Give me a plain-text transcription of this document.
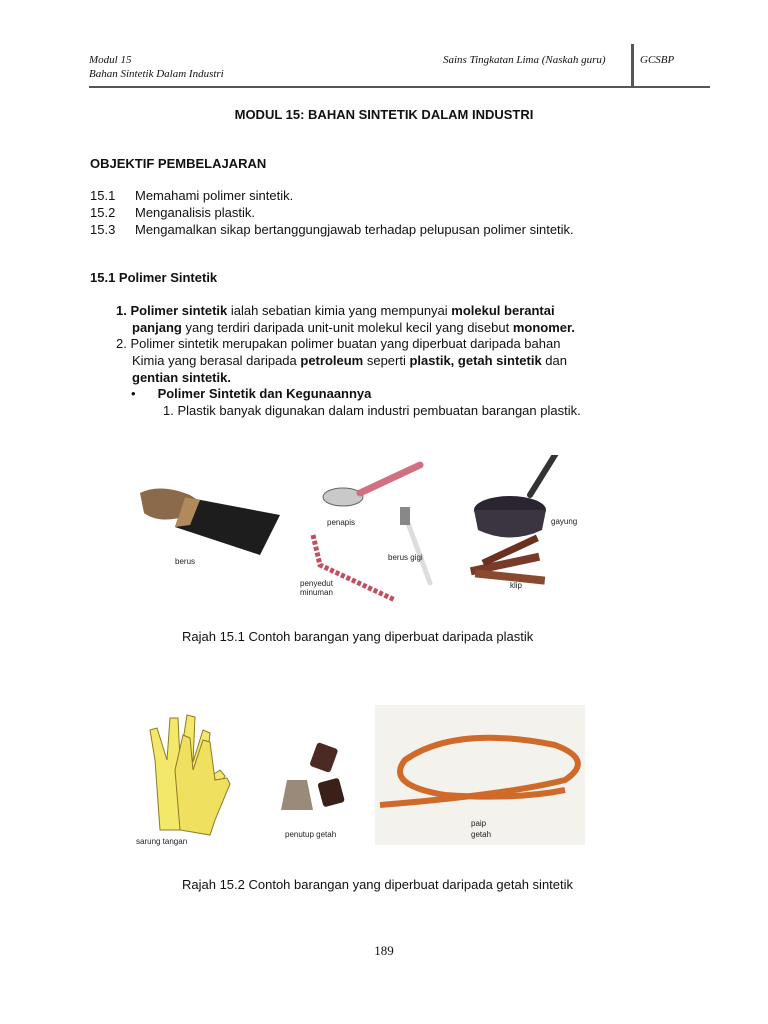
Modul 15
Bahan Sintetik Dalam Industri
Sains Tingkatan Lima (Naskah guru)	GCSBP
MODUL 15: BAHAN SINTETIK DALAM INDUSTRI
OBJEKTIF PEMBELAJARAN
15.1 Memahami polimer sintetik.
15.2 Menganalisis plastik.
15.3 Mengamalkan sikap bertanggungjawab terhadap pelupusan polimer sintetik.
15.1 Polimer Sintetik
1. Polimer sintetik ialah sebatian kimia yang mempunyai molekul berantai
panjang yang terdiri daripada unit-unit molekul kecil yang disebut monomer.
2. Polimer sintetik merupakan polimer buatan yang diperbuat daripada bahan
Kimia yang berasal daripada petroleum seperti plastik, getah sintetik dan
gentian sintetik.
• Polimer Sintetik dan Kegunaannya
1. Plastik banyak digunakan dalam industri pembuatan barangan plastik.
berus
penapis
berus gigi
gayung
penyedut
minuman
klip
Rajah 15.1 Contoh barangan yang diperbuat daripada plastik
sarung tangan
penutup getah
paip
getah
Rajah 15.2 Contoh barangan yang diperbuat daripada getah sintetik
189
